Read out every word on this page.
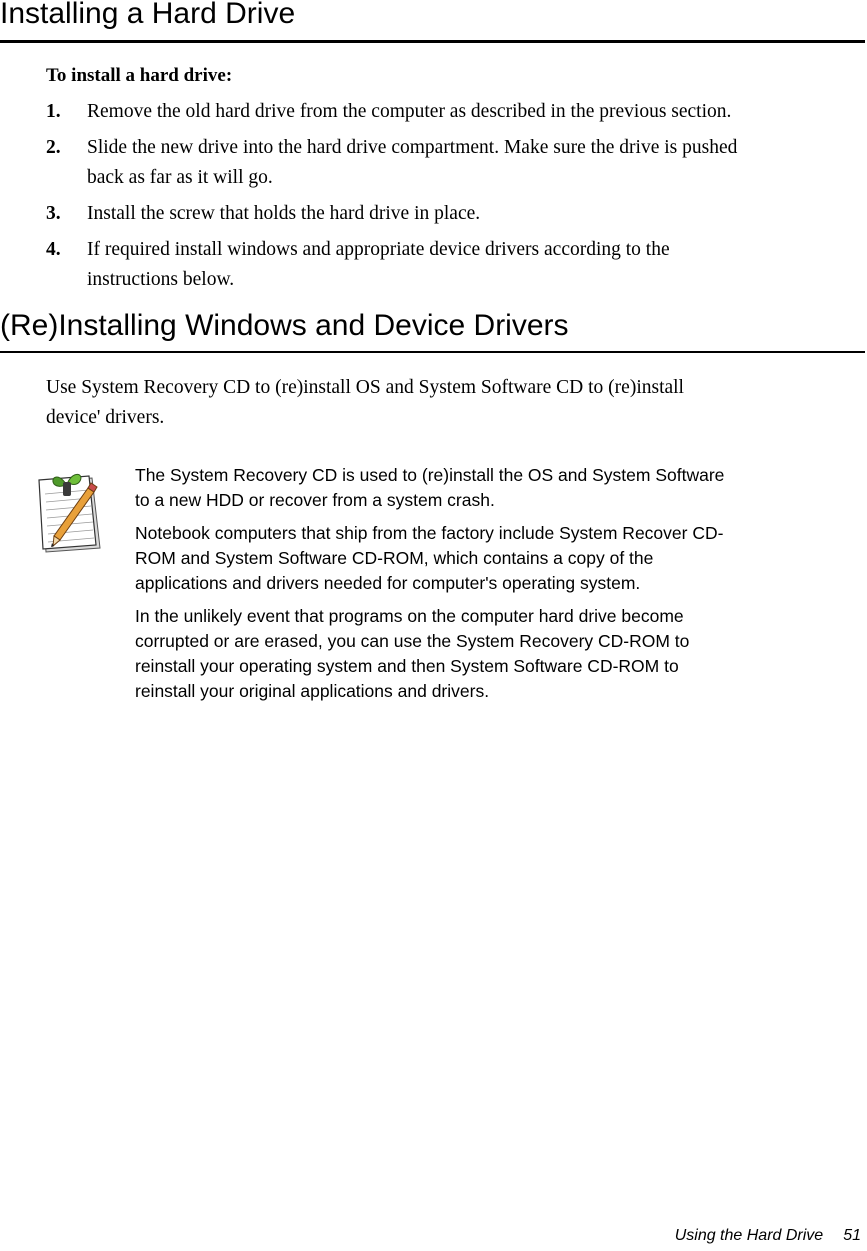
Installing a Hard Drive

To install a hard drive:

1. Remove the old hard drive from the computer as described in the previous section.
2. Slide the new drive into the hard drive compartment. Make sure the drive is pushed
back as far as it will go.
3. Install the screw that holds the hard drive in place.
4. If required install windows and appropriate device drivers according to the
instructions below.
(Re)Installing Windows and Device Drivers

Use System Recovery CD to (re)install OS and System Software CD to (re)install
device' drivers.

The System Recovery CD is used to (re)install the OS and System Software
to a new HDD or recover from a system crash.

Notebook computers that ship from the factory include System Recover CD-
ROM and System Software CD-ROM, which contains a copy of the
applications and drivers needed for computer's operating system.

In the unlikely event that programs on the computer hard drive become
corrupted or are erased, you can use the System Recovery CD-ROM to
reinstall your operating system and then System Software CD-ROM to
reinstall your original applications and drivers.

Using the Hard Drive 51
